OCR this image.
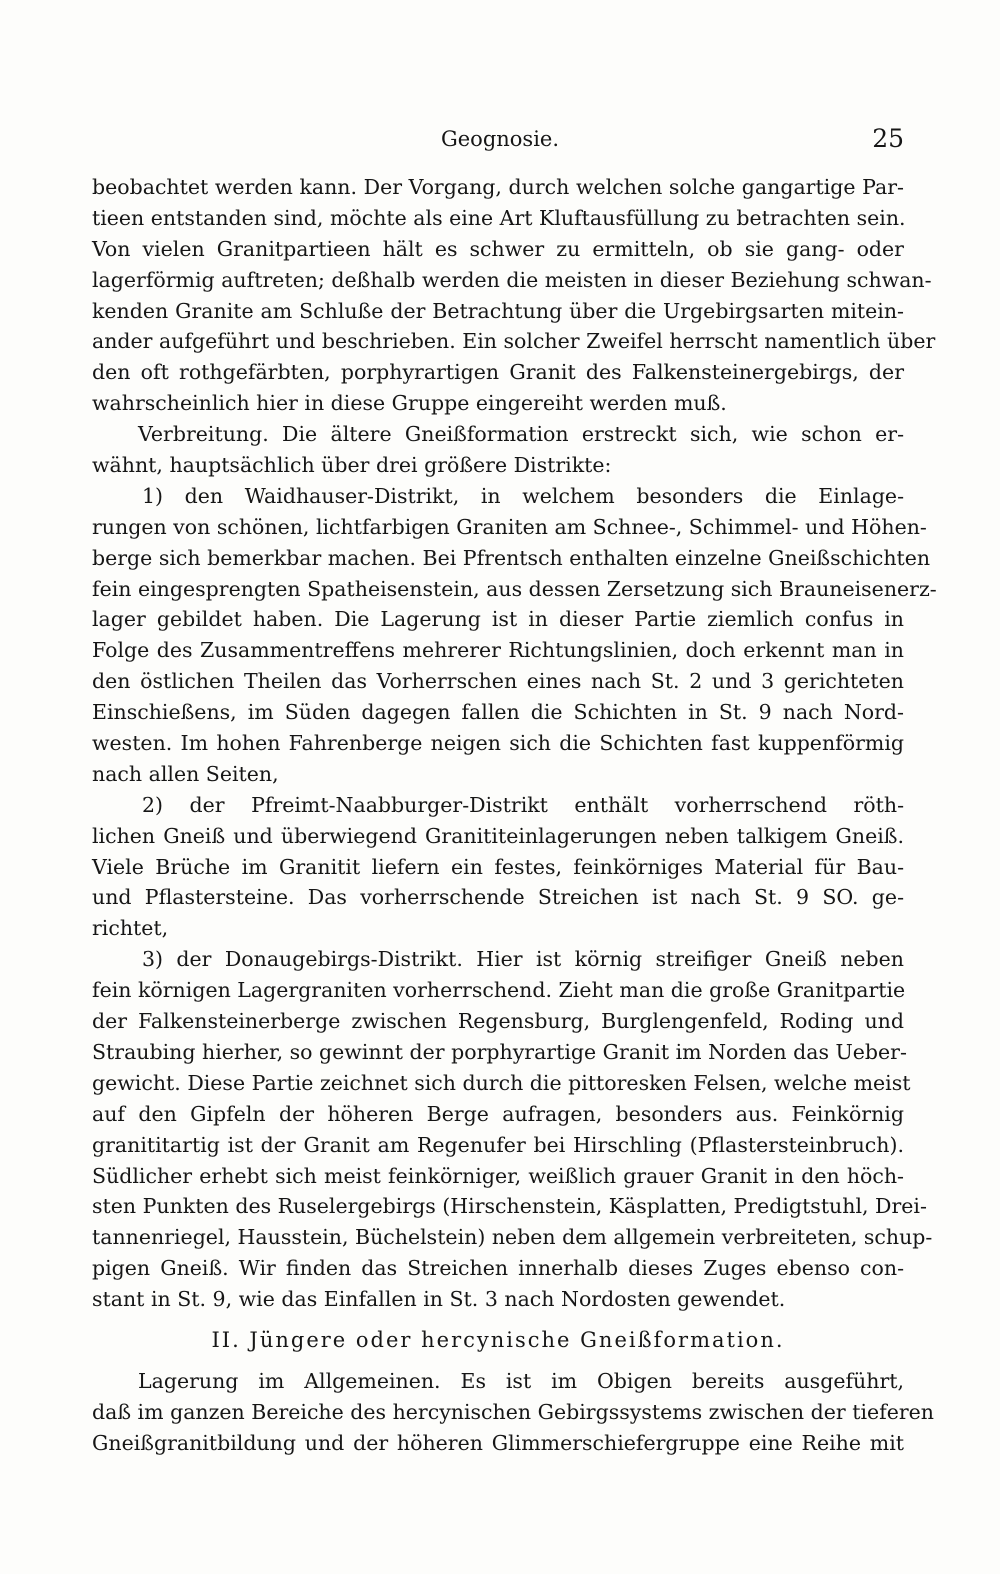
Geognosie.	25
beobachtet werden kann. Der Vorgang, durch welchen solche gangartige Par-
tieen entstanden sind, möchte als eine Art Kluftausfüllung zu betrachten sein.
Von vielen Granitpartieen hält es schwer zu ermitteln, ob sie gang- oder
lagerförmig auftreten; deßhalb werden die meisten in dieser Beziehung schwan-
kenden Granite am Schluße der Betrachtung über die Urgebirgsarten mitein-
ander aufgeführt und beschrieben. Ein solcher Zweifel herrscht namentlich über
den oft rothgefärbten, porphyrartigen Granit des Falkensteinergebirgs, der
wahrscheinlich hier in diese Gruppe eingereiht werden muß.
Verbreitung. Die ältere Gneißformation erstreckt sich, wie schon er-
wähnt, hauptsächlich über drei größere Distrikte:
1) den Waidhauser-Distrikt, in welchem besonders die Einlage-
rungen von schönen, lichtfarbigen Graniten am Schnee-, Schimmel- und Höhen-
berge sich bemerkbar machen. Bei Pfrentsch enthalten einzelne Gneißschichten
fein eingesprengten Spatheisenstein, aus dessen Zersetzung sich Brauneisenerz-
lager gebildet haben. Die Lagerung ist in dieser Partie ziemlich confus in
Folge des Zusammentreffens mehrerer Richtungslinien, doch erkennt man in
den östlichen Theilen das Vorherrschen eines nach St. 2 und 3 gerichteten
Einschießens, im Süden dagegen fallen die Schichten in St. 9 nach Nord-
westen. Im hohen Fahrenberge neigen sich die Schichten fast kuppenförmig
nach allen Seiten,
2) der Pfreimt-Naabburger-Distrikt enthält vorherrschend röth-
lichen Gneiß und überwiegend Granititeinlagerungen neben talkigem Gneiß.
Viele Brüche im Granitit liefern ein festes, feinkörniges Material für Bau-
und Pflastersteine. Das vorherrschende Streichen ist nach St. 9 SO. ge-
richtet,
3) der Donaugebirgs-Distrikt. Hier ist körnig streifiger Gneiß neben
fein körnigen Lagergraniten vorherrschend. Zieht man die große Granitpartie
der Falkensteinerberge zwischen Regensburg, Burglengenfeld, Roding und
Straubing hierher, so gewinnt der porphyrartige Granit im Norden das Ueber-
gewicht. Diese Partie zeichnet sich durch die pittoresken Felsen, welche meist
auf den Gipfeln der höheren Berge aufragen, besonders aus. Feinkörnig
granititartig ist der Granit am Regenufer bei Hirschling (Pflastersteinbruch).
Südlicher erhebt sich meist feinkörniger, weißlich grauer Granit in den höch-
sten Punkten des Ruselergebirgs (Hirschenstein, Käsplatten, Predigtstuhl, Drei-
tannenriegel, Hausstein, Büchelstein) neben dem allgemein verbreiteten, schup-
pigen Gneiß. Wir finden das Streichen innerhalb dieses Zuges ebenso con-
stant in St. 9, wie das Einfallen in St. 3 nach Nordosten gewendet.
II. Jüngere oder hercynische Gneißformation.
Lagerung im Allgemeinen. Es ist im Obigen bereits ausgeführt,
daß im ganzen Bereiche des hercynischen Gebirgssystems zwischen der tieferen
Gneißgranitbildung und der höheren Glimmerschiefergruppe eine Reihe mit
